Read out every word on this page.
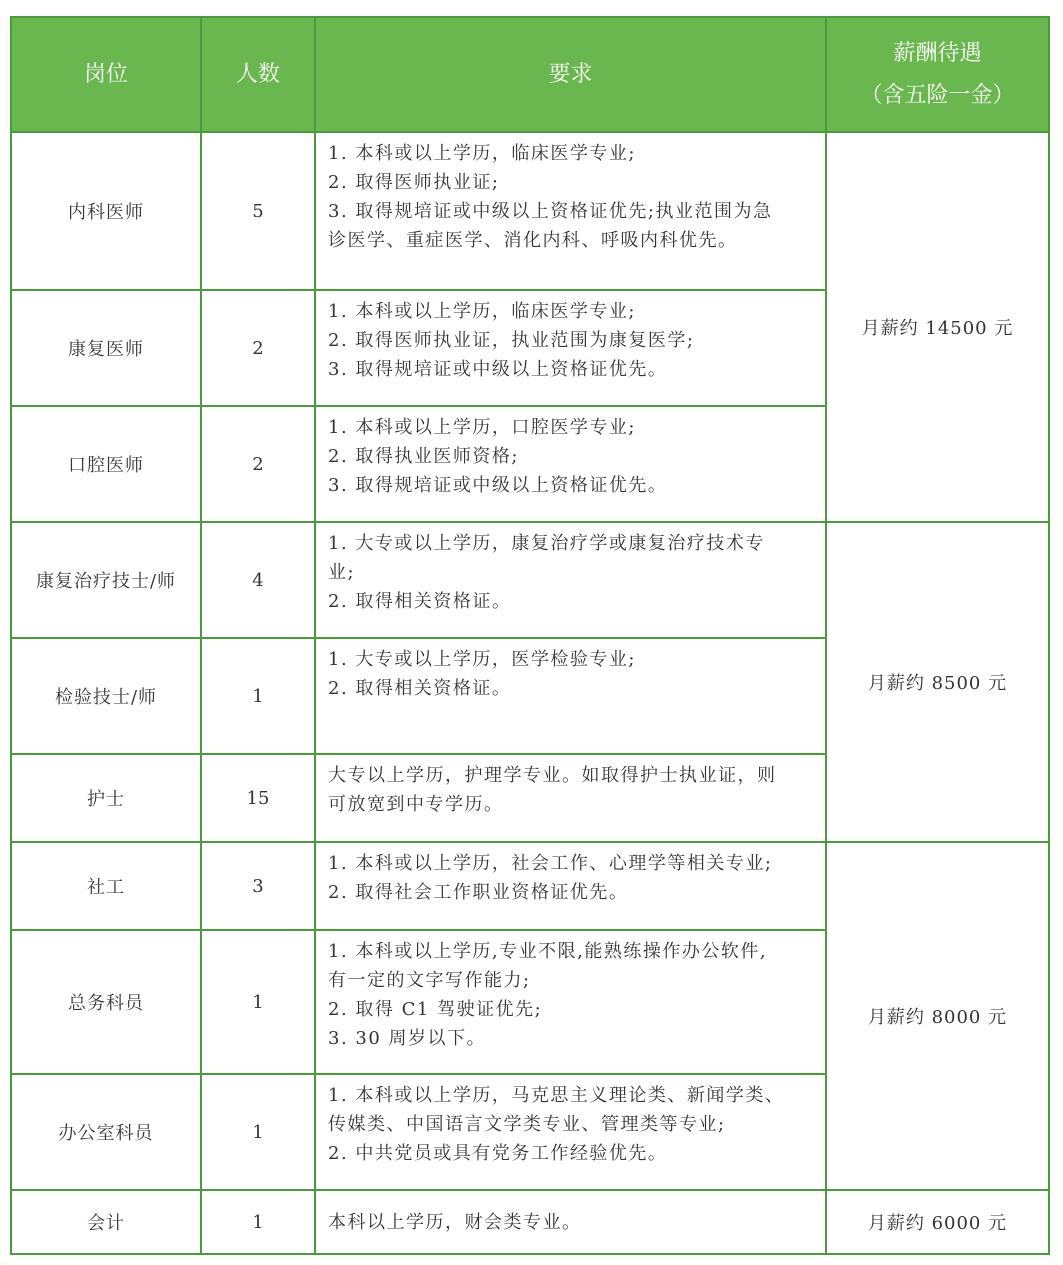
岗位	人数	要求	薪酬待遇
（含五险一金）

内科医师	5	1. 本科或以上学历，临床医学专业;
2. 取得医师执业证;
3. 取得规培证或中级以上资格证优先;执业范围为急
诊医学、重症医学、消化内科、呼吸内科优先。	月薪约 14500 元
康复医师	2	1. 本科或以上学历，临床医学专业;
2. 取得医师执业证，执业范围为康复医学;
3. 取得规培证或中级以上资格证优先。	

口腔医师	2	1. 本科或以上学历，口腔医学专业;
2. 取得执业医师资格;
3. 取得规培证或中级以上资格证优先。	

康复治疗技士/师	4	1. 大专或以上学历，康复治疗学或康复治疗技术专
业;
2. 取得相关资格证。	月薪约 8500 元
检验技士/师	1	1. 大专或以上学历，医学检验专业;
2. 取得相关资格证。	

护士	15	大专以上学历，护理学专业。如取得护士执业证，则
可放宽到中专学历。	

社工	3	1. 本科或以上学历，社会工作、心理学等相关专业;
2. 取得社会工作职业资格证优先。	月薪约 8000 元
总务科员	1	1. 本科或以上学历,专业不限,能熟练操作办公软件,
有一定的文字写作能力;
2. 取得 C1 驾驶证优先;
3. 30 周岁以下。	

办公室科员	1	1. 本科或以上学历，马克思主义理论类、新闻学类、
传媒类、中国语言文学类专业、管理类等专业;
2. 中共党员或具有党务工作经验优先。	

会计	1	本科以上学历，财会类专业。	月薪约 6000 元
